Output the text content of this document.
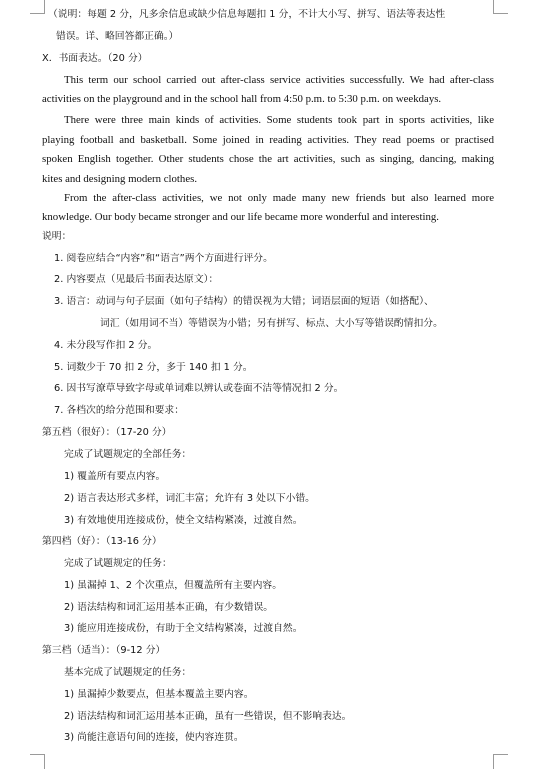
（说明：每题 2 分，凡多余信息或缺少信息每题扣 1 分，不计大小写、拼写、语法等表达性
错误。详、略回答都正确。）
X．书面表达。（20 分）
This term our school carried out after-class service activities successfully. We had after-class
activities on the playground and in the school hall from 4:50 p.m. to 5:30 p.m. on weekdays.
There were three main kinds of activities. Some students took part in sports activities, like
playing football and basketball. Some joined in reading activities. They read poems or practised
spoken English together. Other students chose the art activities, such as singing, dancing, making
kites and designing modern clothes.
From the after-class activities, we not only made many new friends but also learned more
knowledge. Our body became stronger and our life became more wonderful and interesting.
说明：
1. 阅卷应结合“内容”和“语言”两个方面进行评分。
2. 内容要点（见最后书面表达原文）：
3. 语言：动词与句子层面（如句子结构）的错误视为大错；词语层面的短语（如搭配）、
词汇（如用词不当）等错误为小错；另有拼写、标点、大小写等错误酌情扣分。
4. 未分段写作扣 2 分。
5. 词数少于 70 扣 2 分，多于 140 扣 1 分。
6. 因书写潦草导致字母或单词难以辨认或卷面不洁等情况扣 2 分。
7. 各档次的给分范围和要求：
第五档（很好）：（17-20 分）
完成了试题规定的全部任务：
1) 覆盖所有要点内容。
2) 语言表达形式多样，词汇丰富；允许有 3 处以下小错。
3) 有效地使用连接成份，使全文结构紧凑，过渡自然。
第四档（好）：（13-16 分）
完成了试题规定的任务：
1) 虽漏掉 1、2 个次重点，但覆盖所有主要内容。
2) 语法结构和词汇运用基本正确，有少数错误。
3) 能应用连接成份，有助于全文结构紧凑，过渡自然。
第三档（适当）：（9-12 分）
基本完成了试题规定的任务：
1) 虽漏掉少数要点，但基本覆盖主要内容。
2) 语法结构和词汇运用基本正确，虽有一些错误，但不影响表达。
3) 尚能注意语句间的连接，使内容连贯。
